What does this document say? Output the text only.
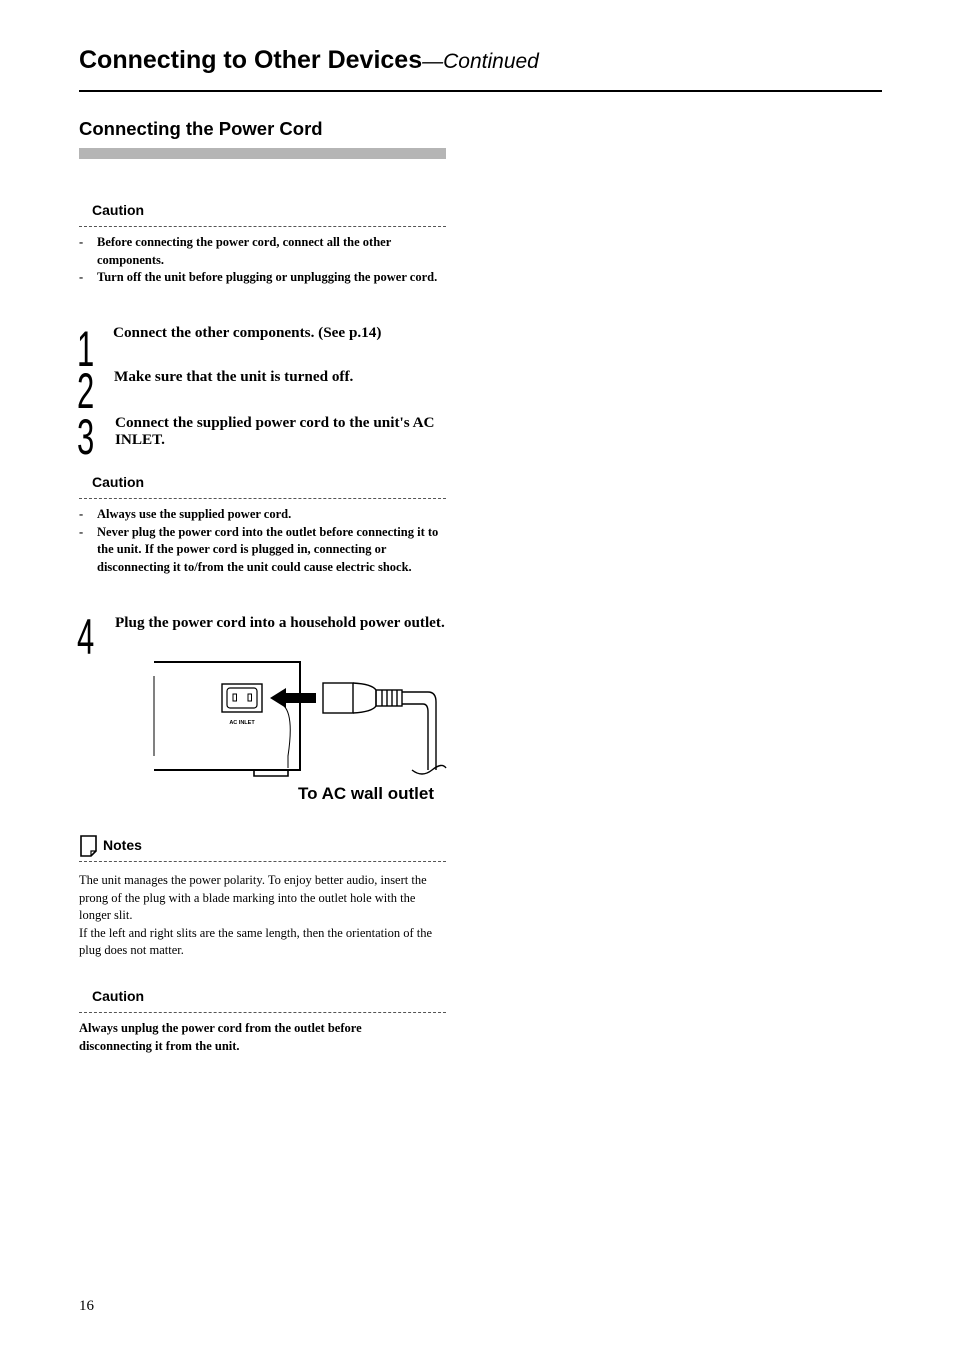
Connecting to Other Devices—Continued
Connecting the Power Cord
Caution
- Before connecting the power cord, connect all the other components.
- Turn off the unit before plugging or unplugging the power cord.
1 Connect the other components. (See p.14)
2 Make sure that the unit is turned off.
3 Connect the supplied power cord to the unit's AC INLET.
Caution
- Always use the supplied power cord.
- Never plug the power cord into the outlet before connecting it to the unit. If the power cord is plugged in, connecting or disconnecting it to/from the unit could cause electric shock.
4 Plug the power cord into a household power outlet.
AC INLET
To AC wall outlet
Notes
The unit manages the power polarity. To enjoy better audio, insert the prong of the plug with a blade marking into the outlet hole with the longer slit.
If the left and right slits are the same length, then the orientation of the plug does not matter.
Caution
Always unplug the power cord from the outlet before disconnecting it from the unit.
16
